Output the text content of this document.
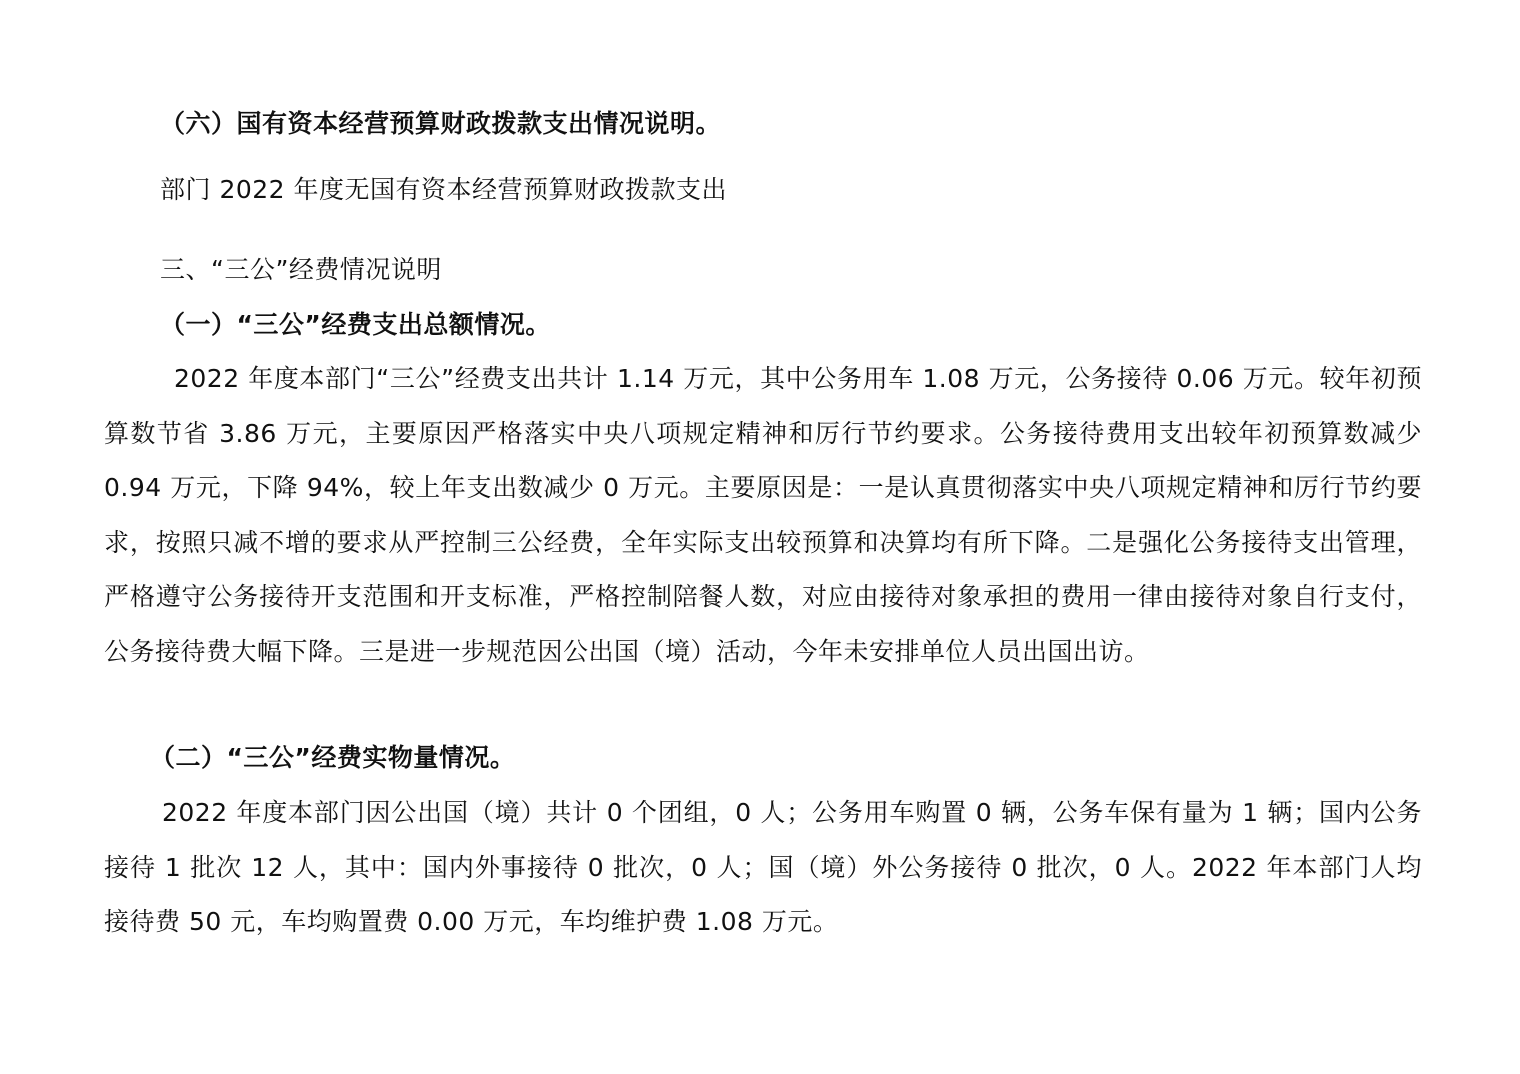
（六）国有资本经营预算财政拨款支出情况说明。
部门 2022 年度无国有资本经营预算财政拨款支出
三、“三公”经费情况说明
（一）“三公”经费支出总额情况。
2022 年度本部门“三公”经费支出共计 1.14 万元，其中公务用车 1.08 万元，公务接待 0.06 万元。较年初预算数节省 3.86 万元，主要原因严格落实中央八项规定精神和厉行节约要求。公务接待费用支出较年初预算数减少 0.94 万元，下降 94%，较上年支出数减少 0 万元。主要原因是：一是认真贯彻落实中央八项规定精神和厉行节约要求，按照只减不增的要求从严控制三公经费，全年实际支出较预算和决算均有所下降。二是强化公务接待支出管理，严格遵守公务接待开支范围和开支标准，严格控制陪餐人数，对应由接待对象承担的费用一律由接待对象自行支付，公务接待费大幅下降。三是进一步规范因公出国（境）活动，今年未安排单位人员出国出访。
（二）“三公”经费实物量情况。
2022 年度本部门因公出国（境）共计 0 个团组，0 人；公务用车购置 0 辆，公务车保有量为 1 辆；国内公务接待 1 批次 12 人，其中：国内外事接待 0 批次，0 人；国（境）外公务接待 0 批次，0 人。2022 年本部门人均接待费 50 元，车均购置费 0.00 万元，车均维护费 1.08 万元。
